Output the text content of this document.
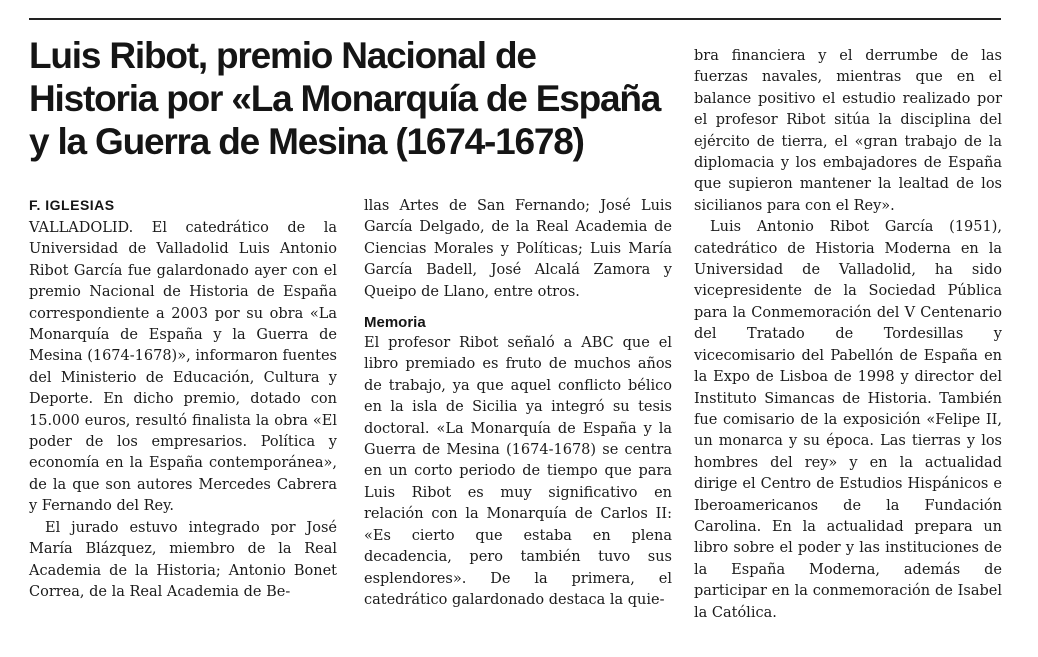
Luis Ribot, premio Nacional de
Historia por «La Monarquía de España
y la Guerra de Mesina (1674-1678)
F. IGLESIAS

VALLADOLID. El catedrático de la Universidad de Valladolid Luis Antonio Ribot García fue galardonado ayer con el premio Nacional de Historia de España correspondiente a 2003 por su obra «La Monarquía de España y la Guerra de Mesina (1674-1678)», informaron fuentes del Ministerio de Educación, Cultura y Deporte. En dicho premio, dotado con 15.000 euros, resultó finalista la obra «El poder de los empresarios. Política y economía en la España contemporánea», de la que son autores Mercedes Cabrera y Fernando del Rey.

El jurado estuvo integrado por José María Blázquez, miembro de la Real Academia de la Historia; Antonio Bonet Correa, de la Real Academia de Be-

llas Artes de San Fernando; José Luis García Delgado, de la Real Academia de Ciencias Morales y Políticas; Luis María García Badell, José Alcalá Zamora y Queipo de Llano, entre otros.

Memoria

El profesor Ribot señaló a ABC que el libro premiado es fruto de muchos años de trabajo, ya que aquel conflicto bélico en la isla de Sicilia ya integró su tesis doctoral. «La Monarquía de España y la Guerra de Mesina (1674-1678) se centra en un corto periodo de tiempo que para Luis Ribot es muy significativo en relación con la Monarquía de Carlos II: «Es cierto que estaba en plena decadencia, pero también tuvo sus esplendores». De la primera, el catedrático galardonado destaca la quie-

bra financiera y el derrumbe de las fuerzas navales, mientras que en el balance positivo el estudio realizado por el profesor Ribot sitúa la disciplina del ejército de tierra, el «gran trabajo de la diplomacia y los embajadores de España que supieron mantener la lealtad de los sicilianos para con el Rey».

Luis Antonio Ribot García (1951), catedrático de Historia Moderna en la Universidad de Valladolid, ha sido vicepresidente de la Sociedad Pública para la Conmemoración del V Centenario del Tratado de Tordesillas y vicecomisario del Pabellón de España en la Expo de Lisboa de 1998 y director del Instituto Simancas de Historia. También fue comisario de la exposición «Felipe II, un monarca y su época. Las tierras y los hombres del rey» y en la actualidad dirige el Centro de Estudios Hispánicos e Iberoamericanos de la Fundación Carolina. En la actualidad prepara un libro sobre el poder y las instituciones de la España Moderna, además de participar en la conmemoración de Isabel la Católica.
